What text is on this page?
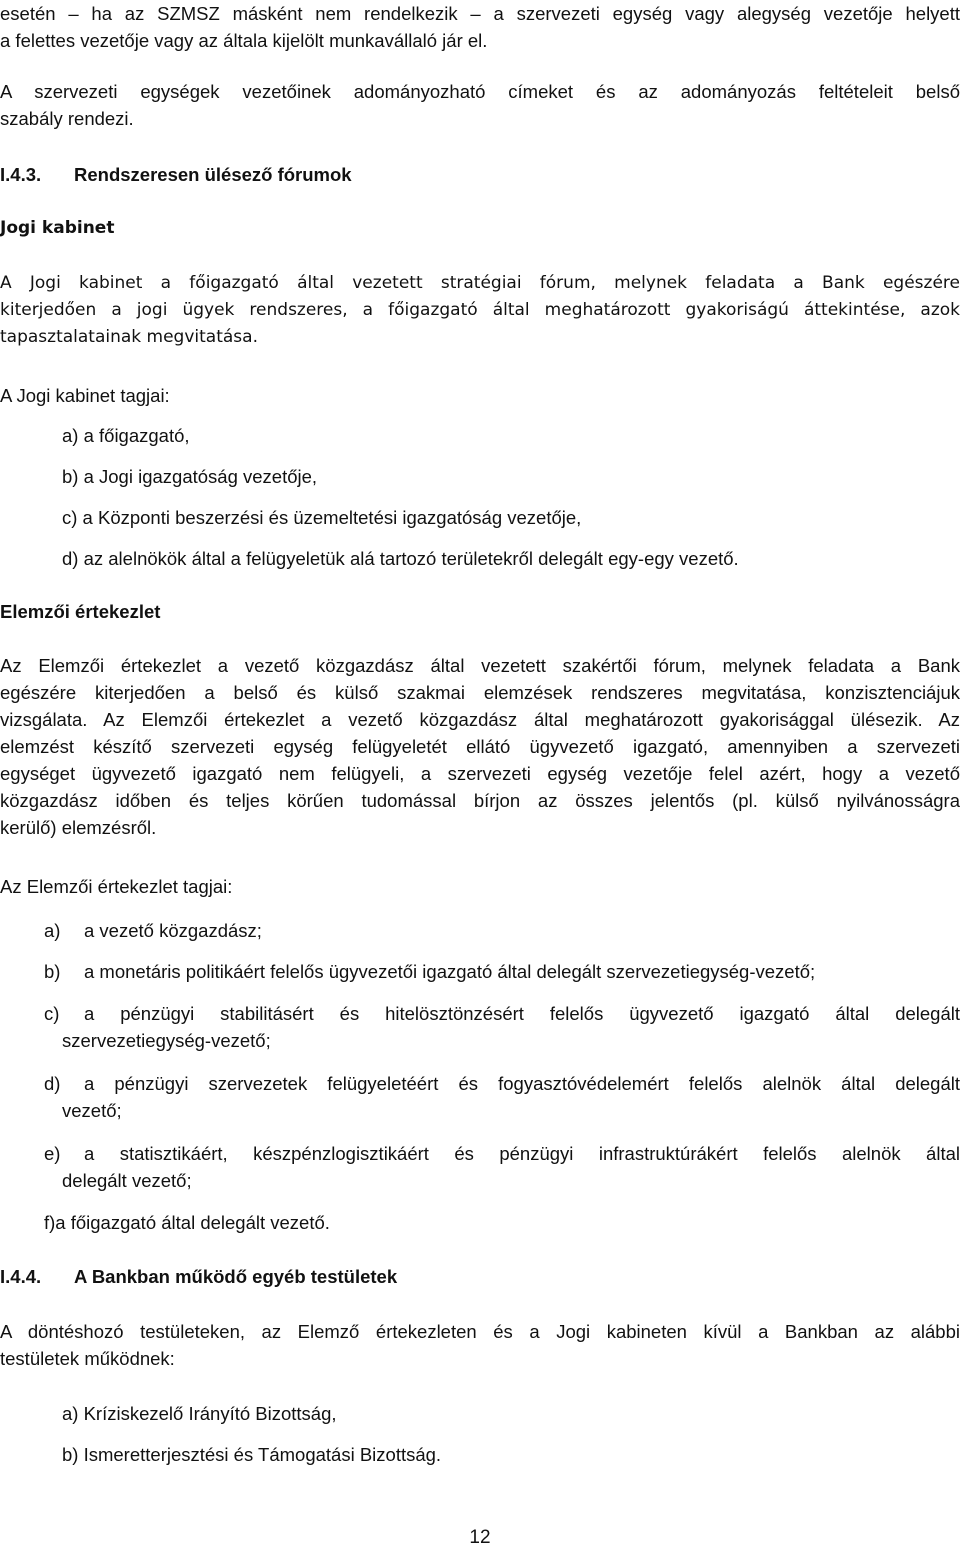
esetén – ha az SZMSZ másként nem rendelkezik – a szervezeti egység vagy alegység vezetője helyett
a felettes vezetője vagy az általa kijelölt munkavállaló jár el.
A szervezeti egységek vezetőinek adományozható címeket és az adományozás feltételeit belső
szabály rendezi.
I.4.3. Rendszeresen ülésező fórumok
Jogi kabinet
A Jogi kabinet a főigazgató által vezetett stratégiai fórum, melynek feladata a Bank egészére
kiterjedően a jogi ügyek rendszeres, a főigazgató által meghatározott gyakoriságú áttekintése, azok
tapasztalatainak megvitatása.
A Jogi kabinet tagjai:
a) a főigazgató,
b) a Jogi igazgatóság vezetője,
c) a Központi beszerzési és üzemeltetési igazgatóság vezetője,
d) az alelnökök által a felügyeletük alá tartozó területekről delegált egy-egy vezető.
Elemzői értekezlet
Az Elemzői értekezlet a vezető közgazdász által vezetett szakértői fórum, melynek feladata a Bank
egészére kiterjedően a belső és külső szakmai elemzések rendszeres megvitatása, konzisztenciájuk
vizsgálata. Az Elemzői értekezlet a vezető közgazdász által meghatározott gyakorisággal ülésezik. Az
elemzést készítő szervezeti egység felügyeletét ellátó ügyvezető igazgató, amennyiben a szervezeti
egységet ügyvezető igazgató nem felügyeli, a szervezeti egység vezetője felel azért, hogy a vezető
közgazdász időben és teljes körűen tudomással bírjon az összes jelentős (pl. külső nyilvánosságra
kerülő) elemzésről.
Az Elemzői értekezlet tagjai:
a) a vezető közgazdász;
b) a monetáris politikáért felelős ügyvezetői igazgató által delegált szervezetiegység-vezető;
c) a pénzügyi stabilitásért és hitelösztönzésért felelős ügyvezető igazgató által delegált
szervezetiegység-vezető;
d) a pénzügyi szervezetek felügyeletéért és fogyasztóvédelemért felelős alelnök által delegált
vezető;
e) a statisztikáért, készpénzlogisztikáért és pénzügyi infrastruktúrákért felelős alelnök által
delegált vezető;
f)a főigazgató által delegált vezető.
I.4.4. A Bankban működő egyéb testületek
A döntéshozó testületeken, az Elemző értekezleten és a Jogi kabineten kívül a Bankban az alábbi
testületek működnek:
a) Kríziskezelő Irányító Bizottság,
b) Ismeretterjesztési és Támogatási Bizottság.
12
